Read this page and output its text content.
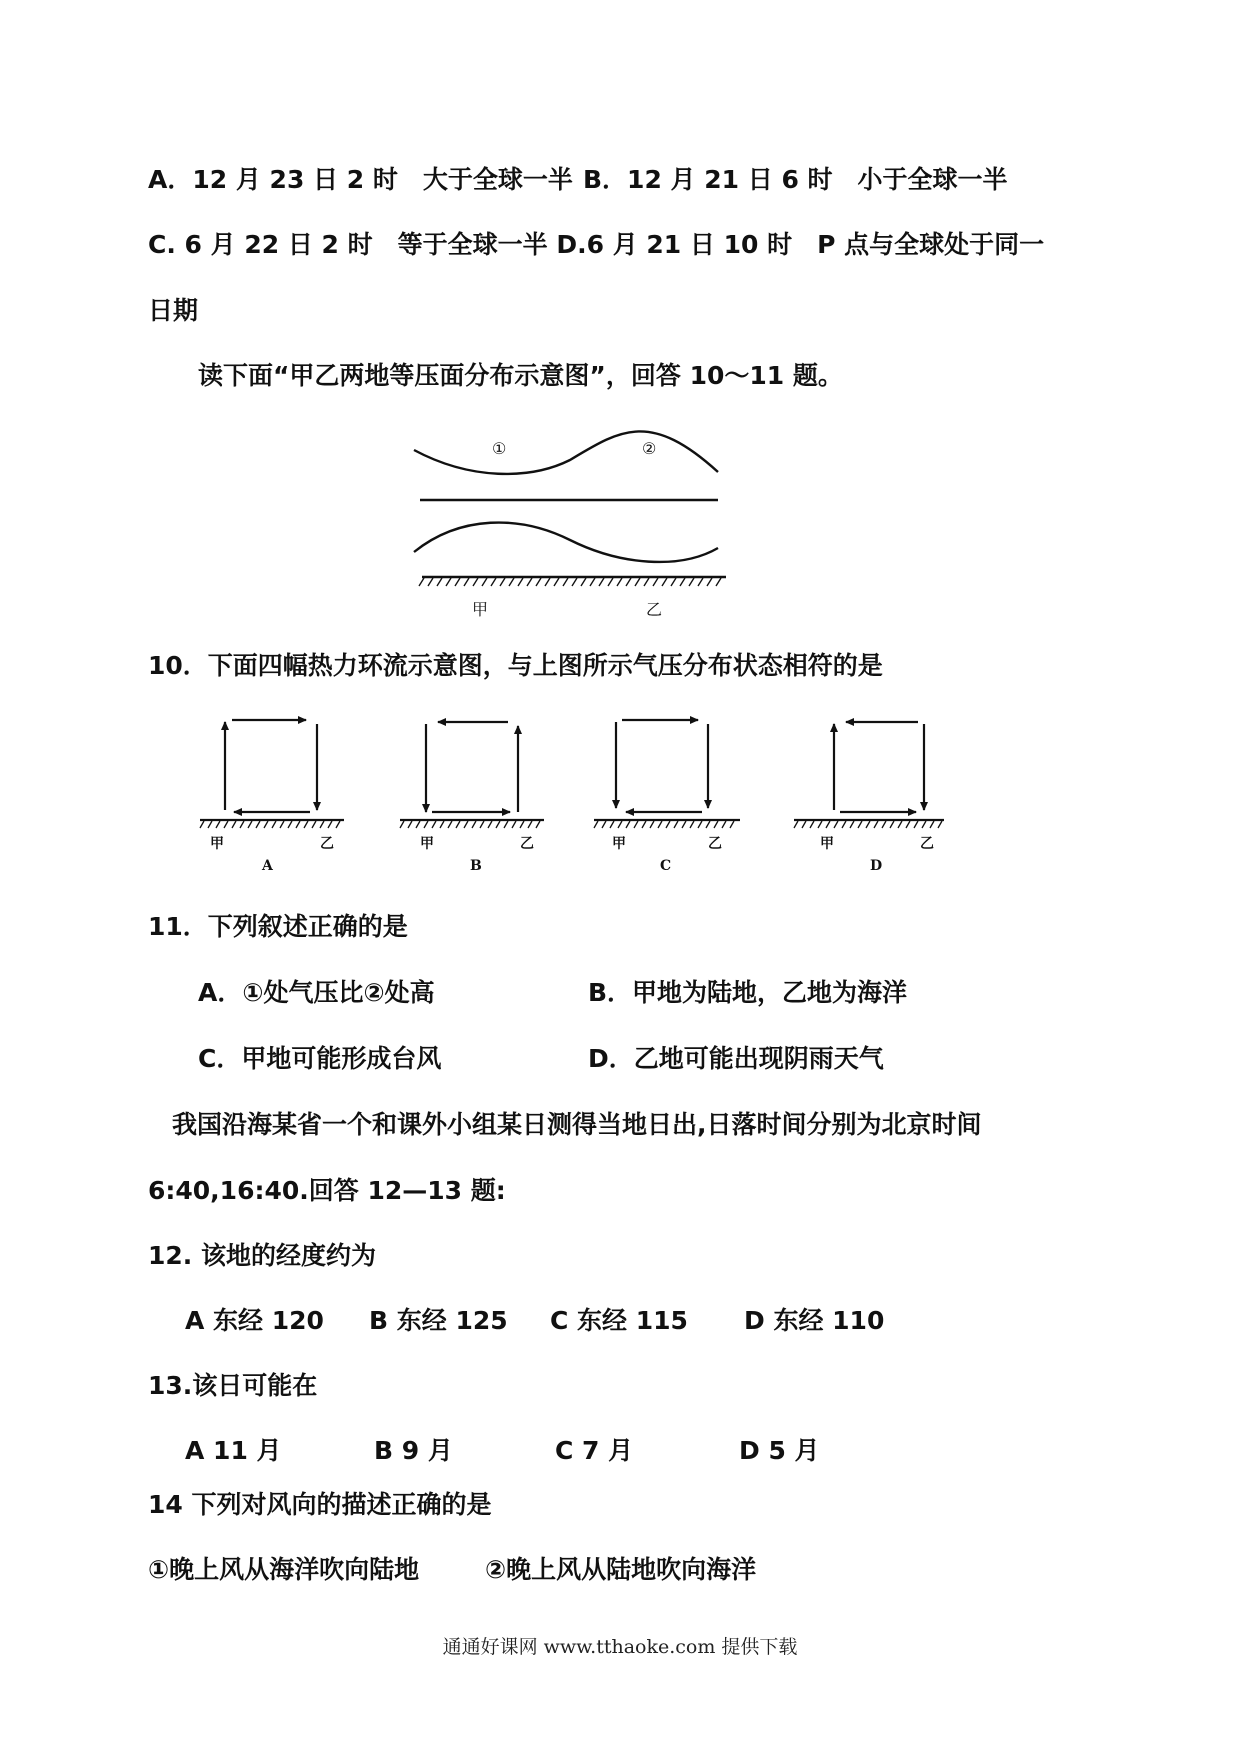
A．12 月 23 日 2 时　大于全球一半 B．12 月 21 日 6 时　小于全球一半
C. 6 月 22 日 2 时　等于全球一半 D.6 月 21 日 10 时　P 点与全球处于同一
日期
读下面“甲乙两地等压面分布示意图”，回答 10～11 题。
①	②
甲	乙
10．下面四幅热力环流示意图，与上图所示气压分布状态相符的是
甲	乙
A
甲	乙
B
甲	乙
C
甲	乙
D
11．下列叙述正确的是
A．①处气压比②处高	B．甲地为陆地，乙地为海洋
C．甲地可能形成台风	D．乙地可能出现阴雨天气
我国沿海某省一个和课外小组某日测得当地日出,日落时间分别为北京时间
6:40,16:40.回答 12—13 题:
12. 该地的经度约为
A 东经 120 B 东经 125 C 东经 115 D 东经 110
13.该日可能在
A 11 月	B 9 月	C 7 月	D 5 月
14 下列对风向的描述正确的是
①晚上风从海洋吹向陆地	②晚上风从陆地吹向海洋
通通好课网 www.tthaoke.com 提供下载
